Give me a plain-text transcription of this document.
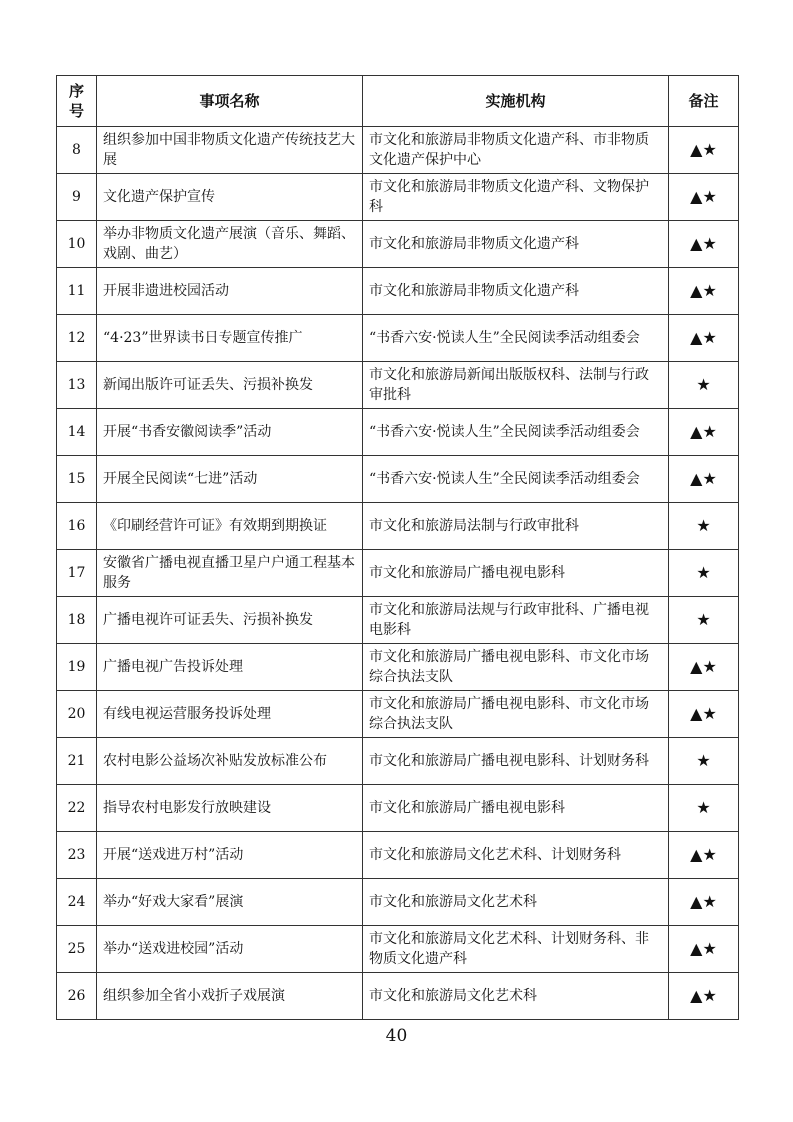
序号	事项名称	实施机构	备注
8	组织参加中国非物质文化遗产传统技艺大展	市文化和旅游局非物质文化遗产科、市非物质文化遗产保护中心	▲★
9	文化遗产保护宣传	市文化和旅游局非物质文化遗产科、文物保护科	▲★
10	举办非物质文化遗产展演（音乐、舞蹈、戏剧、曲艺）	市文化和旅游局非物质文化遗产科	▲★
11	开展非遗进校园活动	市文化和旅游局非物质文化遗产科	▲★
12	“4·23”世界读书日专题宣传推广	“书香六安·悦读人生”全民阅读季活动组委会	▲★
13	新闻出版许可证丢失、污损补换发	市文化和旅游局新闻出版版权科、法制与行政审批科	★
14	开展“书香安徽阅读季”活动	“书香六安·悦读人生”全民阅读季活动组委会	▲★
15	开展全民阅读“七进”活动	“书香六安·悦读人生”全民阅读季活动组委会	▲★
16	《印刷经营许可证》有效期到期换证	市文化和旅游局法制与行政审批科	★
17	安徽省广播电视直播卫星户户通工程基本服务	市文化和旅游局广播电视电影科	★
18	广播电视许可证丢失、污损补换发	市文化和旅游局法规与行政审批科、广播电视电影科	★
19	广播电视广告投诉处理	市文化和旅游局广播电视电影科、市文化市场综合执法支队	▲★
20	有线电视运营服务投诉处理	市文化和旅游局广播电视电影科、市文化市场综合执法支队	▲★
21	农村电影公益场次补贴发放标准公布	市文化和旅游局广播电视电影科、计划财务科	★
22	指导农村电影发行放映建设	市文化和旅游局广播电视电影科	★
23	开展“送戏进万村”活动	市文化和旅游局文化艺术科、计划财务科	▲★
24	举办“好戏大家看”展演	市文化和旅游局文化艺术科	▲★
25	举办“送戏进校园”活动	市文化和旅游局文化艺术科、计划财务科、非物质文化遗产科	▲★
26	组织参加全省小戏折子戏展演	市文化和旅游局文化艺术科	▲★
40
